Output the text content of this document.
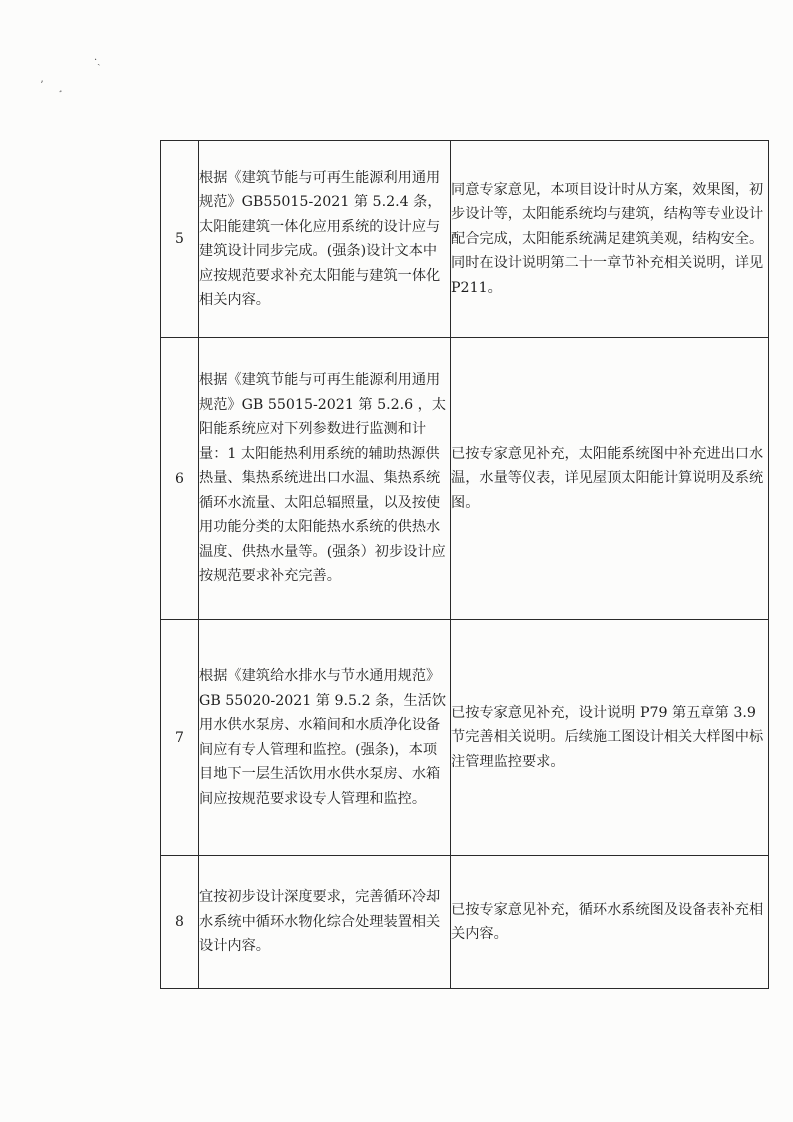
·ˎ
ʼ ¸
5	根据《建筑节能与可再生能源利用通用规范》GB55015-2021 第 5.2.4 条，太阳能建筑一体化应用系统的设计应与建筑设计同步完成。(强条)设计文本中应按规范要求补充太阳能与建筑一体化相关内容。	同意专家意见，本项目设计时从方案，效果图，初步设计等，太阳能系统均与建筑，结构等专业设计配合完成，太阳能系统满足建筑美观，结构安全。同时在设计说明第二十一章节补充相关说明，详见 P211。

6	根据《建筑节能与可再生能源利用通用规范》GB 55015-2021 第 5.2.6 ，太阳能系统应对下列参数进行监测和计量：1 太阳能热利用系统的辅助热源供热量、集热系统进出口水温、集热系统循环水流量、太阳总辐照量，以及按使用功能分类的太阳能热水系统的供热水温度、供热水量等。(强条）初步设计应按规范要求补充完善。	已按专家意见补充，太阳能系统图中补充进出口水温，水量等仪表，详见屋顶太阳能计算说明及系统图。

7	根据《建筑给水排水与节水通用规范》GB 55020-2021 第 9.5.2 条，生活饮用水供水泵房、水箱间和水质净化设备间应有专人管理和监控。(强条)，本项目地下一层生活饮用水供水泵房、水箱间应按规范要求设专人管理和监控。	已按专家意见补充，设计说明 P79 第五章第 3.9 节完善相关说明。后续施工图设计相关大样图中标注管理监控要求。

8	宜按初步设计深度要求，完善循环冷却水系统中循环水物化综合处理装置相关设计内容。	已按专家意见补充，循环水系统图及设备表补充相关内容。
